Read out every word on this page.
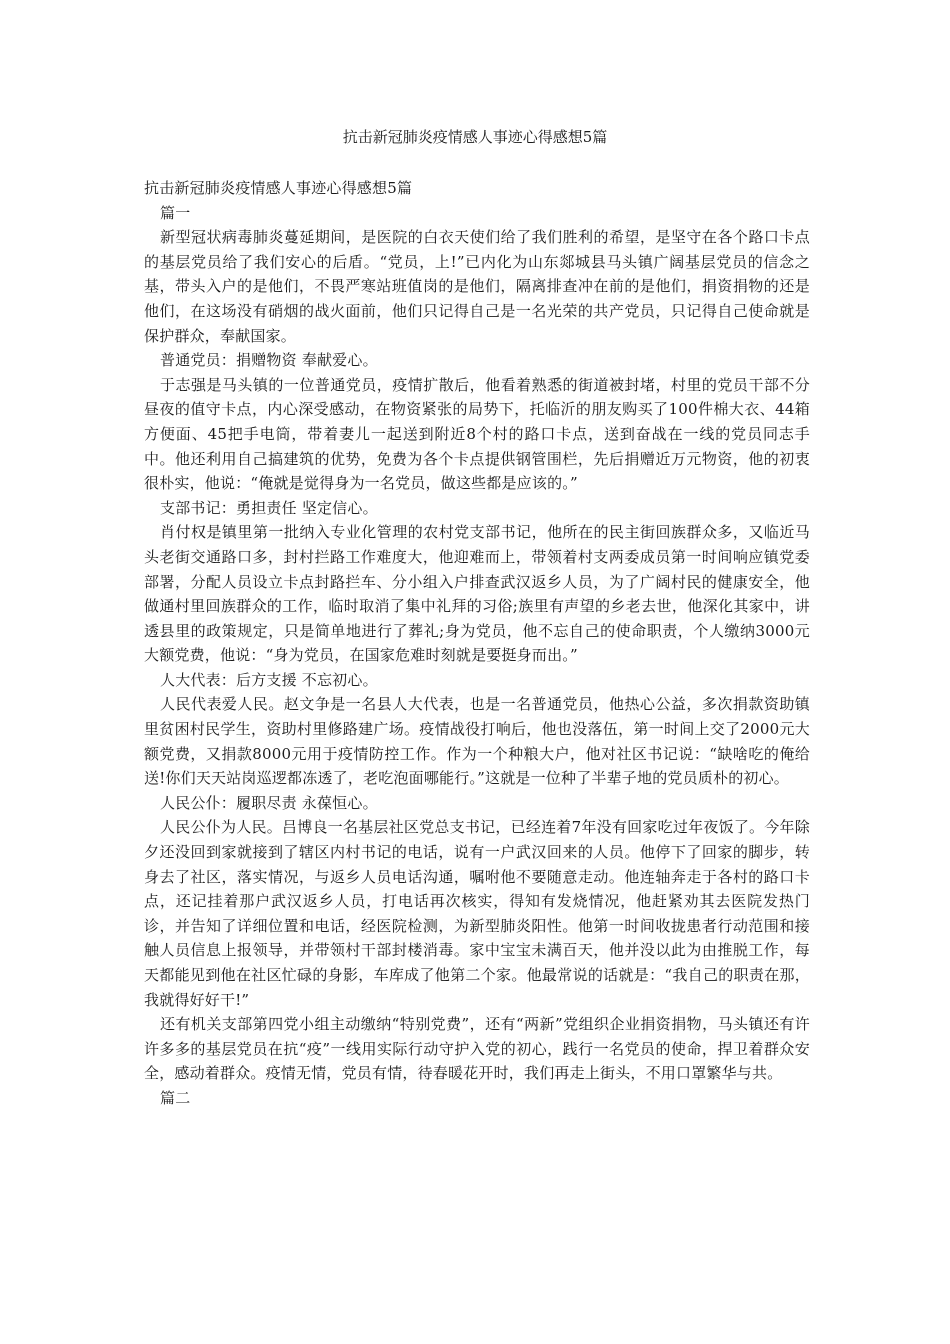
抗击新冠肺炎疫情感人事迹心得感想5篇

抗击新冠肺炎疫情感人事迹心得感想5篇

篇一

新型冠状病毒肺炎蔓延期间，是医院的白衣天使们给了我们胜利的希望，是坚守在各个路口卡点的基层党员给了我们安心的后盾。“党员，上!”已内化为山东郯城县马头镇广阔基层党员的信念之基，带头入户的是他们，不畏严寒站班值岗的是他们，隔离排查冲在前的是他们，捐资捐物的还是他们，在这场没有硝烟的战火面前，他们只记得自己是一名光荣的共产党员，只记得自己使命就是保护群众，奉献国家。

普通党员：捐赠物资 奉献爱心。

于志强是马头镇的一位普通党员，疫情扩散后，他看着熟悉的街道被封堵，村里的党员干部不分昼夜的值守卡点，内心深受感动，在物资紧张的局势下，托临沂的朋友购买了100件棉大衣、44箱方便面、45把手电筒，带着妻儿一起送到附近8个村的路口卡点，送到奋战在一线的党员同志手中。他还利用自己搞建筑的优势，免费为各个卡点提供钢管围栏，先后捐赠近万元物资，他的初衷很朴实，他说：“俺就是觉得身为一名党员，做这些都是应该的。”

支部书记：勇担责任 坚定信心。

肖付权是镇里第一批纳入专业化管理的农村党支部书记，他所在的民主街回族群众多，又临近马头老街交通路口多，封村拦路工作难度大，他迎难而上，带领着村支两委成员第一时间响应镇党委部署，分配人员设立卡点封路拦车、分小组入户排查武汉返乡人员，为了广阔村民的健康安全，他做通村里回族群众的工作，临时取消了集中礼拜的习俗;族里有声望的乡老去世，他深化其家中，讲透县里的政策规定，只是简单地进行了葬礼;身为党员，他不忘自己的使命职责，个人缴纳3000元大额党费，他说：“身为党员，在国家危难时刻就是要挺身而出。”

人大代表：后方支援 不忘初心。

人民代表爱人民。赵文争是一名县人大代表，也是一名普通党员，他热心公益，多次捐款资助镇里贫困村民学生，资助村里修路建广场。疫情战役打响后，他也没落伍，第一时间上交了2000元大额党费，又捐款8000元用于疫情防控工作。作为一个种粮大户，他对社区书记说：“缺啥吃的俺给送!你们天天站岗巡逻都冻透了，老吃泡面哪能行。”这就是一位种了半辈子地的党员质朴的初心。

人民公仆：履职尽责 永葆恒心。

人民公仆为人民。吕博良一名基层社区党总支书记，已经连着7年没有回家吃过年夜饭了。今年除夕还没回到家就接到了辖区内村书记的电话，说有一户武汉回来的人员。他停下了回家的脚步，转身去了社区，落实情况，与返乡人员电话沟通，嘱咐他不要随意走动。他连轴奔走于各村的路口卡点，还记挂着那户武汉返乡人员，打电话再次核实，得知有发烧情况，他赶紧劝其去医院发热门诊，并告知了详细位置和电话，经医院检测，为新型肺炎阳性。他第一时间收拢患者行动范围和接触人员信息上报领导，并带领村干部封楼消毒。家中宝宝未满百天，他并没以此为由推脱工作，每天都能见到他在社区忙碌的身影，车库成了他第二个家。他最常说的话就是：“我自己的职责在那，我就得好好干!”

还有机关支部第四党小组主动缴纳“特别党费”，还有“两新”党组织企业捐资捐物，马头镇还有许许多多的基层党员在抗“疫”一线用实际行动守护入党的初心，践行一名党员的使命，捍卫着群众安全，感动着群众。疫情无情，党员有情，待春暖花开时，我们再走上街头，不用口罩繁华与共。

篇二
